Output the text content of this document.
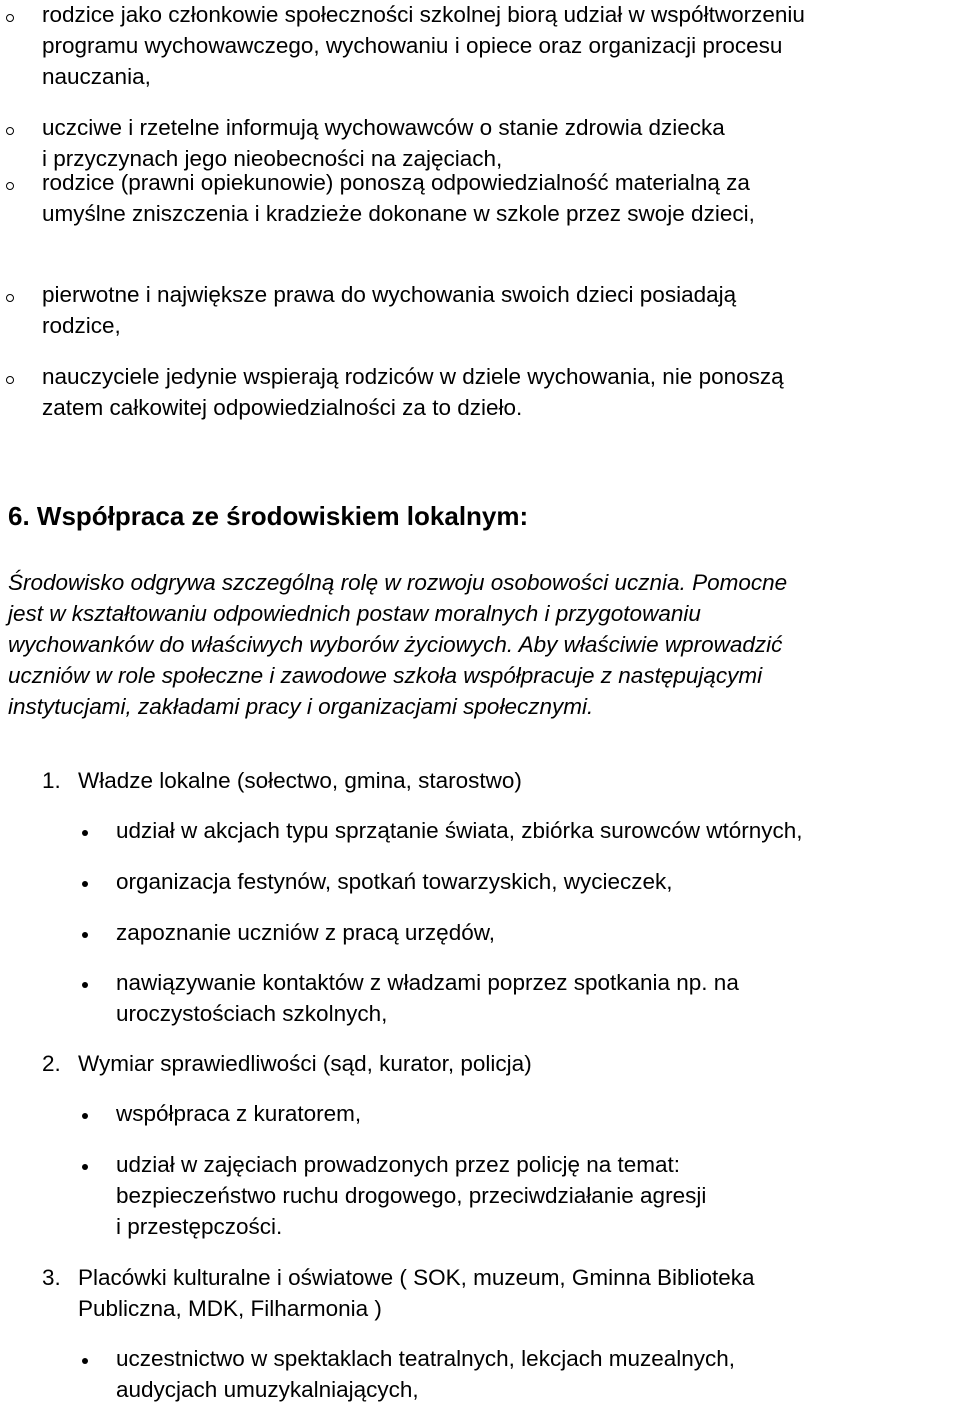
rodzice jako członkowie społeczności szkolnej biorą udział w współtworzeniu
programu wychowawczego, wychowaniu i opiece oraz organizacji procesu
nauczania,
uczciwe i rzetelne informują wychowawców o stanie zdrowia dziecka
i przyczynach jego nieobecności na zajęciach,
rodzice (prawni opiekunowie) ponoszą odpowiedzialność materialną za
umyślne zniszczenia i kradzieże dokonane w szkole przez swoje dzieci,
pierwotne i największe prawa do wychowania swoich dzieci posiadają
rodzice,
nauczyciele jedynie wspierają rodziców w dziele wychowania, nie ponoszą
zatem całkowitej odpowiedzialności za to dzieło.
6. Współpraca ze środowiskiem lokalnym:
Środowisko odgrywa szczególną rolę w rozwoju osobowości ucznia. Pomocne
jest w kształtowaniu odpowiednich postaw moralnych i przygotowaniu
wychowanków do właściwych wyborów życiowych. Aby właściwie wprowadzić
uczniów w role społeczne i zawodowe szkoła współpracuje z następującymi
instytucjami, zakładami pracy i organizacjami społecznymi.
1. Władze lokalne (sołectwo, gmina, starostwo)
udział w akcjach typu sprzątanie świata, zbiórka surowców wtórnych,
organizacja festynów, spotkań towarzyskich, wycieczek,
zapoznanie uczniów z pracą urzędów,
nawiązywanie kontaktów z władzami poprzez spotkania np. na
uroczystościach szkolnych,
2. Wymiar sprawiedliwości (sąd, kurator, policja)
współpraca z kuratorem,
udział w zajęciach prowadzonych przez policję na temat:
bezpieczeństwo ruchu drogowego, przeciwdziałanie agresji
i przestępczości.
3. Placówki kulturalne i oświatowe ( SOK, muzeum, Gminna Biblioteka
Publiczna, MDK, Filharmonia )
uczestnictwo w spektaklach teatralnych, lekcjach muzealnych,
audycjach umuzykalniających,
